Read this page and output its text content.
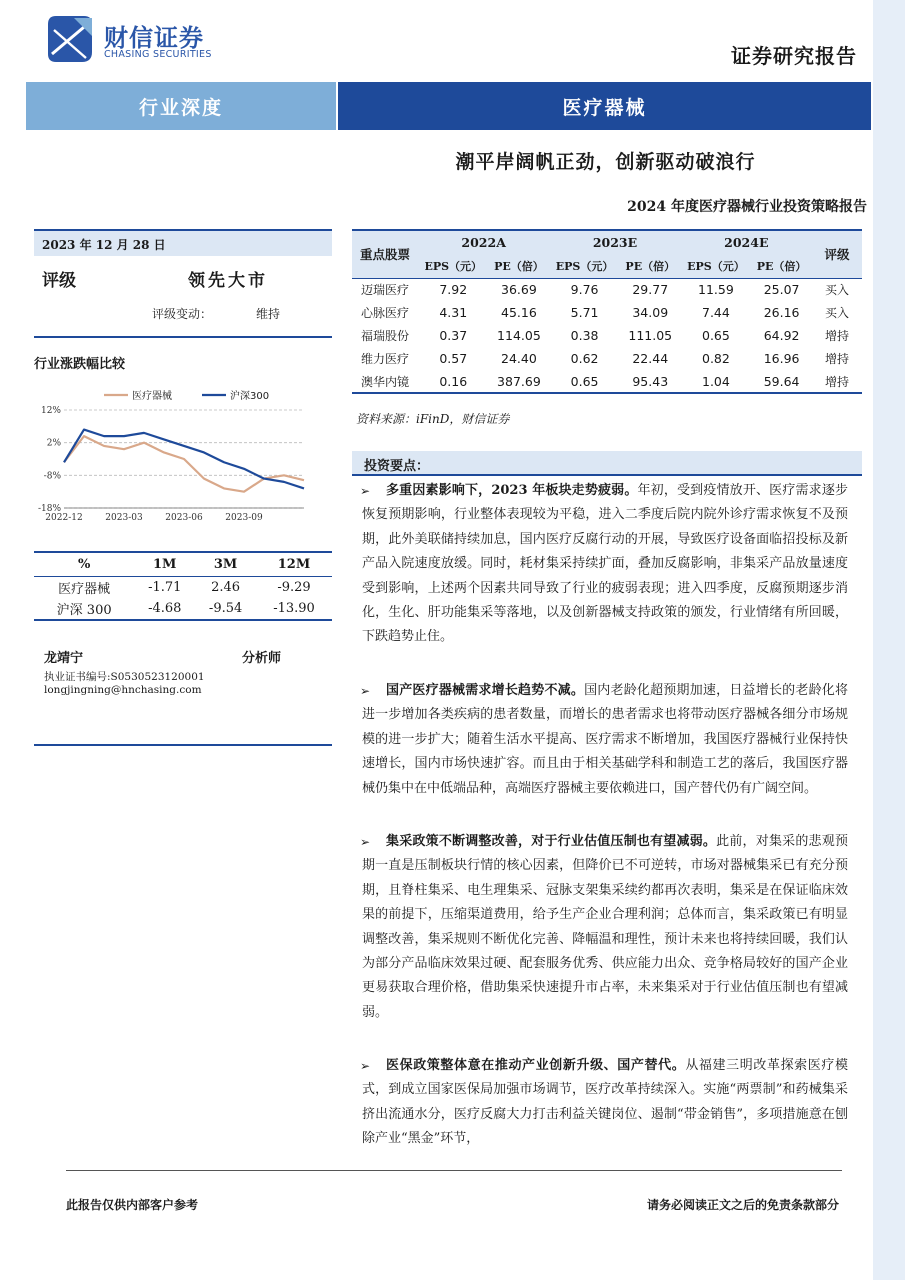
财信证券
CHASING SECURITIES	证券研究报告
行业深度	医疗器械
潮平岸阔帆正劲，创新驱动破浪行
2024 年度医疗器械行业投资策略报告
2023 年 12 月 28 日
评级	领先大市
评级变动：	维持
行业涨跌幅比较
12%
2%
-8%
-18%
2022-12	2023-03	2023-06	2023-09
医疗器械	沪深300
%	1M	3M	12M
医疗器械	-1.71	2.46	-9.29
沪深 300	-4.68	-9.54	-13.90
龙靖宁	分析师
执业证书编号:S0530523120001
longjingning@hnchasing.com
重点股票	2022A		2023E		2024E		评级
	EPS（元）	PE（倍）	EPS（元）	PE（倍）	EPS（元）	PE（倍）	
迈瑞医疗	7.92	36.69	9.76	29.77	11.59	25.07	买入
心脉医疗	4.31	45.16	5.71	34.09	7.44	26.16	买入
福瑞股份	0.37	114.05	0.38	111.05	0.65	64.92	增持
维力医疗	0.57	24.40	0.62	22.44	0.82	16.96	增持
澳华内镜	0.16	387.69	0.65	95.43	1.04	59.64	增持
资料来源：iFinD，财信证券
投资要点：
➢	多重因素影响下，2023 年板块走势疲弱。年初，受到疫情放开、医疗需求逐步恢复预期影响，行业整体表现较为平稳，进入二季度后院内院外诊疗需求恢复不及预期，此外美联储持续加息，国内医疗反腐行动的开展，导致医疗设备面临招投标及新产品入院速度放缓。同时，耗材集采持续扩面，叠加反腐影响，非集采产品放量速度受到影响，上述两个因素共同导致了行业的疲弱表现；进入四季度，反腐预期逐步消化，生化、肝功能集采等落地，以及创新器械支持政策的颁发，行业情绪有所回暖，下跌趋势止住。
➢	国产医疗器械需求增长趋势不减。国内老龄化超预期加速，日益增长的老龄化将进一步增加各类疾病的患者数量，而增长的患者需求也将带动医疗器械各细分市场规模的进一步扩大；随着生活水平提高、医疗需求不断增加，我国医疗器械行业保持快速增长，国内市场快速扩容。而且由于相关基础学科和制造工艺的落后，我国医疗器械仍集中在中低端品种，高端医疗器械主要依赖进口，国产替代仍有广阔空间。
➢	集采政策不断调整改善，对于行业估值压制也有望减弱。此前，对集采的悲观预期一直是压制板块行情的核心因素，但降价已不可逆转，市场对器械集采已有充分预期，且脊柱集采、电生理集采、冠脉支架集采续约都再次表明，集采是在保证临床效果的前提下，压缩渠道费用，给予生产企业合理利润；总体而言，集采政策已有明显调整改善，集采规则不断优化完善、降幅温和理性，预计未来也将持续回暖，我们认为部分产品临床效果过硬、配套服务优秀、供应能力出众、竞争格局较好的国产企业更易获取合理价格，借助集采快速提升市占率，未来集采对于行业估值压制也有望减弱。
➢	医保政策整体意在推动产业创新升级、国产替代。从福建三明改革探索医疗模式，到成立国家医保局加强市场调节，医疗改革持续深入。实施“两票制”和药械集采挤出流通水分，医疗反腐大力打击利益关键岗位、遏制“带金销售”，多项措施意在刨除产业“黑金”环节，
此报告仅供内部客户参考	请务必阅读正文之后的免责条款部分
